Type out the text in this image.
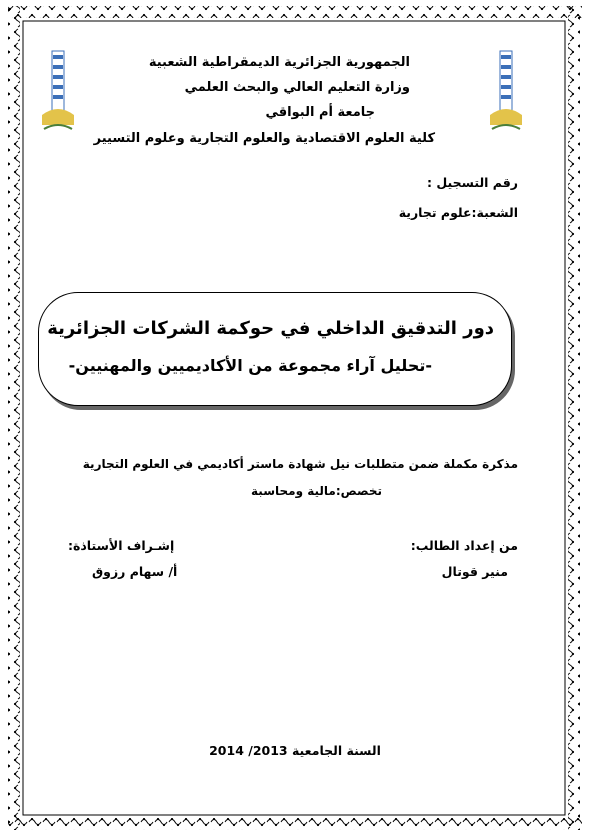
الجمهورية الجزائرية الديمقراطية الشعبية
وزارة التعليم العالي والبحث العلمي
جامعة أم البواقي
كلية العلوم الاقتصادية والعلوم التجارية وعلوم التسيير
رقم التسجيل :
الشعبة:علوم تجارية
دور التدقيق الداخلي في حوكمة الشركات الجزائرية
-تحليل آراء مجموعة من الأكاديميين والمهنيين-
مذكرة مكملة ضمن متطلبات نيل شهادة ماستر أكاديمي في العلوم التجارية
تخصص:مالية ومحاسبة
من إعداد الطالب:
منير قوتال
إشـراف الأستاذة:
أ/ سهام رزوق
السنة الجامعية 2013/ 2014
